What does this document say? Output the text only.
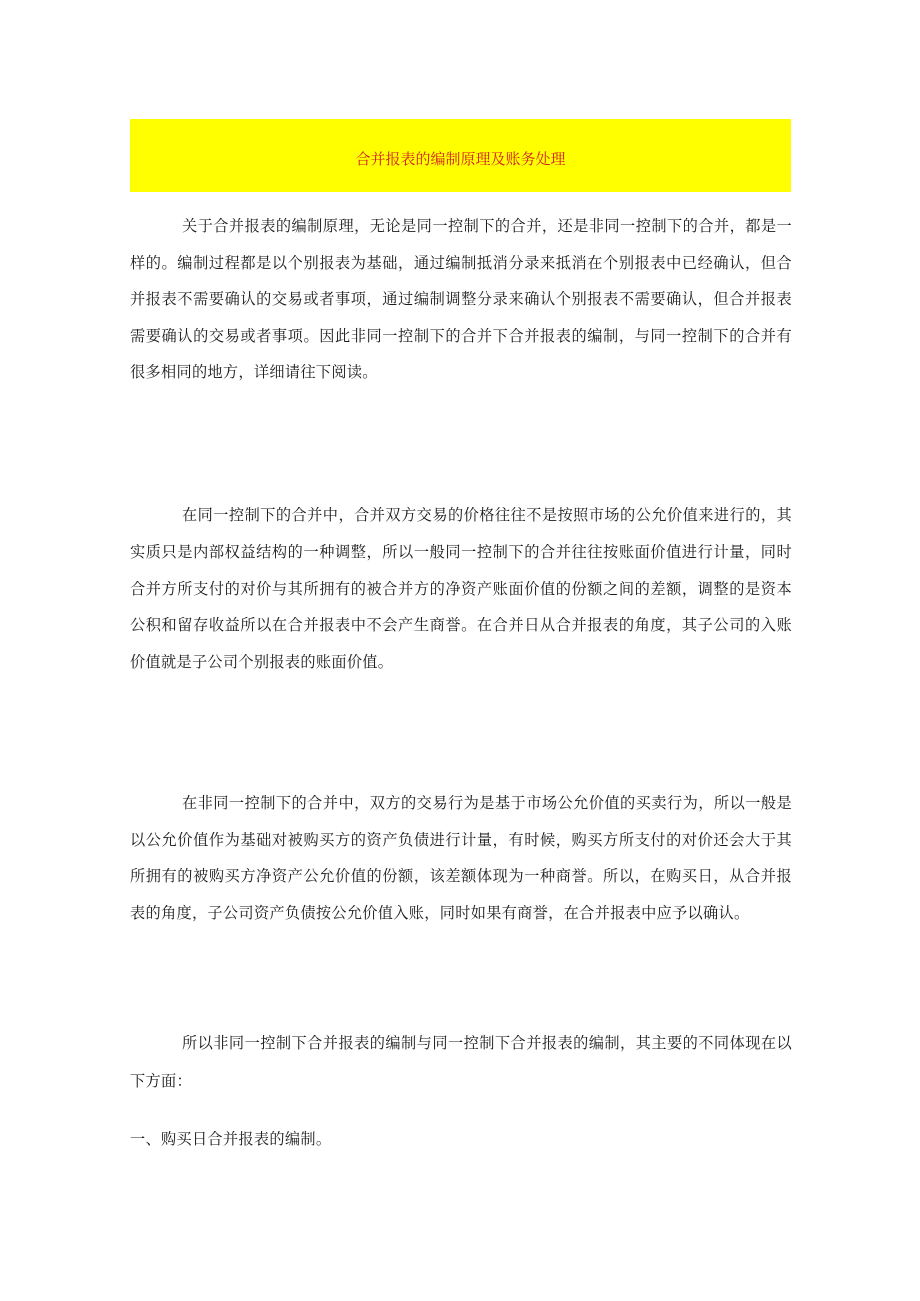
合并报表的编制原理及账务处理

关于合并报表的编制原理，无论是同一控制下的合并，还是非同一控制下的合并，都是一样的。编制过程都是以个别报表为基础，通过编制抵消分录来抵消在个别报表中已经确认，但合并报表不需要确认的交易或者事项，通过编制调整分录来确认个别报表不需要确认，但合并报表需要确认的交易或者事项。因此非同一控制下的合并下合并报表的编制，与同一控制下的合并有很多相同的地方，详细请往下阅读。

在同一控制下的合并中，合并双方交易的价格往往不是按照市场的公允价值来进行的，其实质只是内部权益结构的一种调整，所以一般同一控制下的合并往往按账面价值进行计量，同时合并方所支付的对价与其所拥有的被合并方的净资产账面价值的份额之间的差额，调整的是资本公积和留存收益所以在合并报表中不会产生商誉。在合并日从合并报表的角度，其子公司的入账价值就是子公司个别报表的账面价值。

在非同一控制下的合并中，双方的交易行为是基于市场公允价值的买卖行为，所以一般是以公允价值作为基础对被购买方的资产负债进行计量，有时候，购买方所支付的对价还会大于其所拥有的被购买方净资产公允价值的份额，该差额体现为一种商誉。所以，在购买日，从合并报表的角度，子公司资产负债按公允价值入账，同时如果有商誉，在合并报表中应予以确认。

所以非同一控制下合并报表的编制与同一控制下合并报表的编制，其主要的不同体现在以下方面：

一、购买日合并报表的编制。
